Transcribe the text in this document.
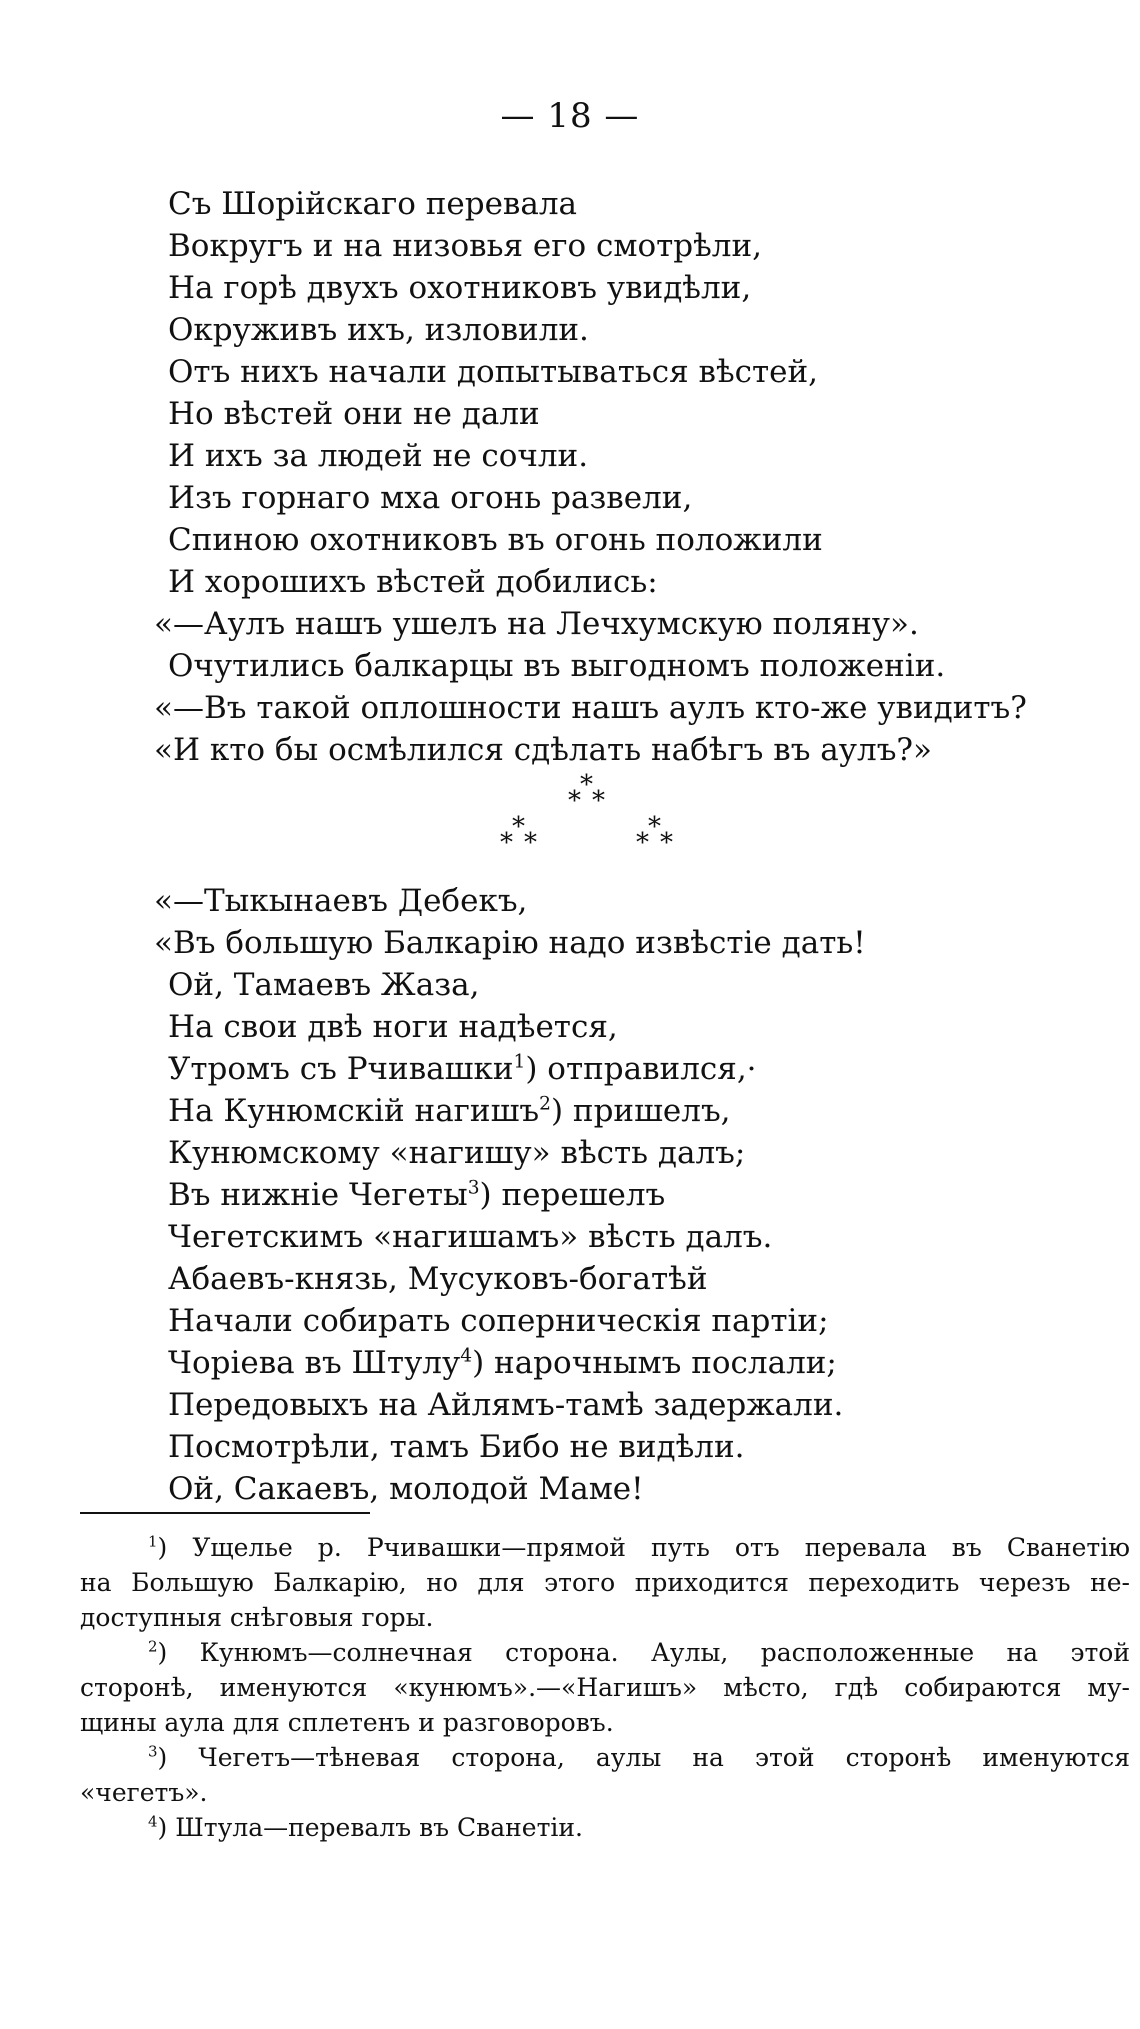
— 18 —
Съ Шорійскаго перевала
Вокругъ и на низовья его смотрѣли,
На горѣ двухъ охотниковъ увидѣли,
Окруживъ ихъ, изловили.
Отъ нихъ начали допытываться вѣстей,
Но вѣстей они не дали
И ихъ за людей не сочли.
Изъ горнаго мха огонь развели,
Спиною охотниковъ въ огонь положили
И хорошихъ вѣстей добились:
«—Аулъ нашъ ушелъ на Лечхумскую поляну».
Очутились балкарцы въ выгодномъ положеніи.
«—Въ такой оплошности нашъ аулъ кто-же увидитъ?
«И кто бы осмѣлился сдѣлать набѣгъ въ аулъ?»
*
* *
*
* *
*
* *
«—Тыкынаевъ Дебекъ,
«Въ большую Балкарію надо извѣстіе дать!
Ой, Тамаевъ Жаза,
На свои двѣ ноги надѣется,
Утромъ съ Рчивашки$^1$) отправился,·
На Кунюмскій нагишъ$^2$) пришелъ,
Кунюмскому «нагишу» вѣсть далъ;
Въ нижніе Чегеты$^3$) перешелъ
Чегетскимъ «нагишамъ» вѣсть далъ.
Абаевъ-князь, Мусуковъ-богатѣй
Начали собирать соперническія партіи;
Чоріева въ Штулу$^4$) нарочнымъ послали;
Передовыхъ на Айлямъ-тамѣ задержали.
Посмотрѣли, тамъ Бибо не видѣли.
Ой, Сакаевъ, молодой Маме!
$^1$) Ущелье р. Рчивашки—прямой путь отъ перевала въ Сванетію
на Большую Балкарію, но для этого приходится переходить черезъ не-
доступныя снѣговыя горы.
$^2$) Кунюмъ—солнечная сторона. Аулы, расположенные на этой
сторонѣ, именуются «кунюмъ».—«Нагишъ» мѣсто, гдѣ собираются му-
щины аула для сплетенъ и разговоровъ.
$^3$) Чегетъ—тѣневая сторона, аулы на этой сторонѣ именуются
«чегетъ».
$^4$) Штула—перевалъ въ Сванетіи.
